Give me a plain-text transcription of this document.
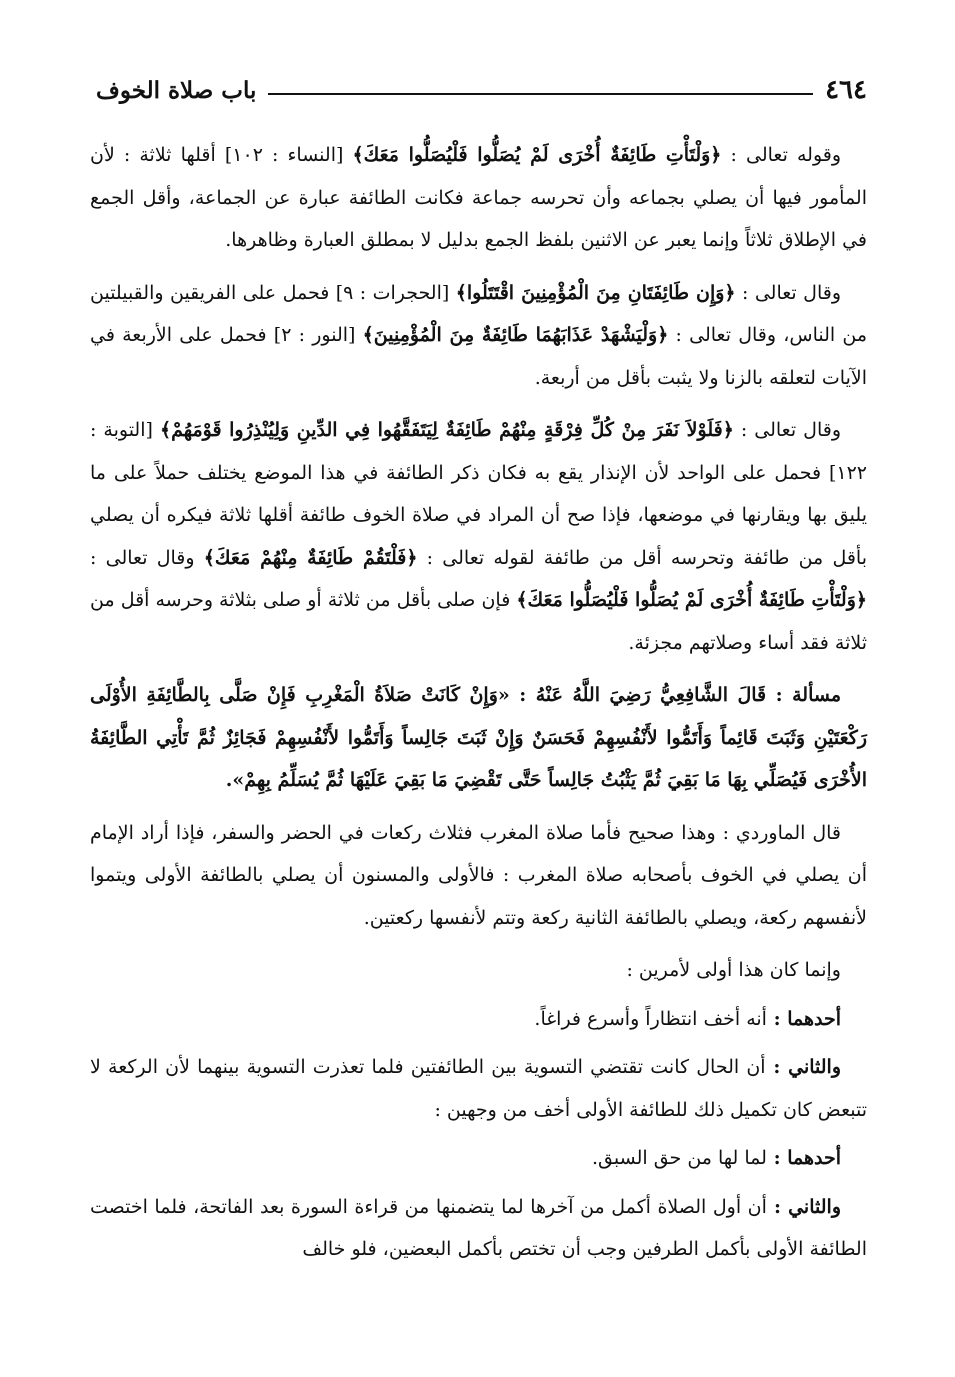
٤٦٤
باب صلاة الخوف

وقوله تعالى : ﴿وَلْتَأْتِ طَائِفَةٌ أُخْرَى لَمْ يُصَلُّوا فَلْيُصَلُّوا مَعَكَ﴾ [النساء : ١٠٢] أقلها ثلاثة : لأن المأمور فيها أن يصلي بجماعه وأن تحرسه جماعة فكانت الطائفة عبارة عن الجماعة، وأقل الجمع في الإطلاق ثلاثاً وإنما يعبر عن الاثنين بلفظ الجمع بدليل لا بمطلق العبارة وظاهرها.

وقال تعالى : ﴿وَإِن طَائِفَتَانِ مِنَ الْمُؤْمِنِينَ اقْتَتَلُوا﴾ [الحجرات : ٩] فحمل على الفريقين والقبيلتين من الناس، وقال تعالى : ﴿وَلْيَشْهَدْ عَذَابَهُمَا طَائِفَةٌ مِنَ الْمُؤْمِنِينَ﴾ [النور : ٢] فحمل على الأربعة في الآيات لتعلقه بالزنا ولا يثبت بأقل من أربعة.

وقال تعالى : ﴿فَلَوْلاَ نَفَرَ مِنْ كُلِّ فِرْقَةٍ مِنْهُمْ طَائِفَةٌ لِيَتَفَقَّهُوا فِي الدِّينِ وَلِيُنْذِرُوا قَوْمَهُمْ﴾ [التوبة : ١٢٢] فحمل على الواحد لأن الإنذار يقع به فكان ذكر الطائفة في هذا الموضع يختلف حملاً على ما يليق بها ويقارنها في موضعها، فإذا صح أن المراد في صلاة الخوف طائفة أقلها ثلاثة فيكره أن يصلي بأقل من طائفة وتحرسه أقل من طائفة لقوله تعالى : ﴿فَلْتَقُمْ طَائِفَةٌ مِنْهُمْ مَعَكَ﴾ وقال تعالى : ﴿وَلْتَأْتِ طَائِفَةٌ أُخْرَى لَمْ يُصَلُّوا فَلْيُصَلُّوا مَعَكَ﴾ فإن صلى بأقل من ثلاثة أو صلى بثلاثة وحرسه أقل من ثلاثة فقد أساء وصلاتهم مجزئة.

مسألة : قَالَ الشَّافِعِيُّ رَضِيَ اللَّهُ عَنْهُ : «وَإِنْ كَانَتْ صَلاَةُ الْمَغْرِبِ فَإِنْ صَلَّى بِالطَّائِفَةِ الأُوْلَى رَكْعَتَيْنِ وَثَبَتَ قَائِماً وَأَتَمُّوا لأَنْفُسِهِمْ فَحَسَنٌ وَإِنْ ثَبَتَ جَالِساً وَأَتَمُّوا لأَنْفُسِهِمْ فَجَائِزٌ ثُمَّ تَأْتِي الطَّائِفَةُ الأُخْرَى فَيُصَلِّي بِهَا مَا بَقِيَ ثُمَّ يَثْبُتُ جَالِساً حَتَّى تَقْضِيَ مَا بَقِيَ عَلَيْهَا ثُمَّ يُسَلِّمُ بِهِمْ».

قال الماوردي : وهذا صحيح فأما صلاة المغرب فثلاث ركعات في الحضر والسفر، فإذا أراد الإمام أن يصلي في الخوف بأصحابه صلاة المغرب : فالأولى والمسنون أن يصلي بالطائفة الأولى ويتموا لأنفسهم ركعة، ويصلي بالطائفة الثانية ركعة وتتم لأنفسها ركعتين.

وإنما كان هذا أولى لأمرين :

أحدهما : أنه أخف انتظاراً وأسرع فراغاً.

والثاني : أن الحال كانت تقتضي التسوية بين الطائفتين فلما تعذرت التسوية بينهما لأن الركعة لا تتبعض كان تكميل ذلك للطائفة الأولى أخف من وجهين :

أحدهما : لما لها من حق السبق.

والثاني : أن أول الصلاة أكمل من آخرها لما يتضمنها من قراءة السورة بعد الفاتحة، فلما اختصت الطائفة الأولى بأكمل الطرفين وجب أن تختص بأكمل البعضين، فلو خالف
